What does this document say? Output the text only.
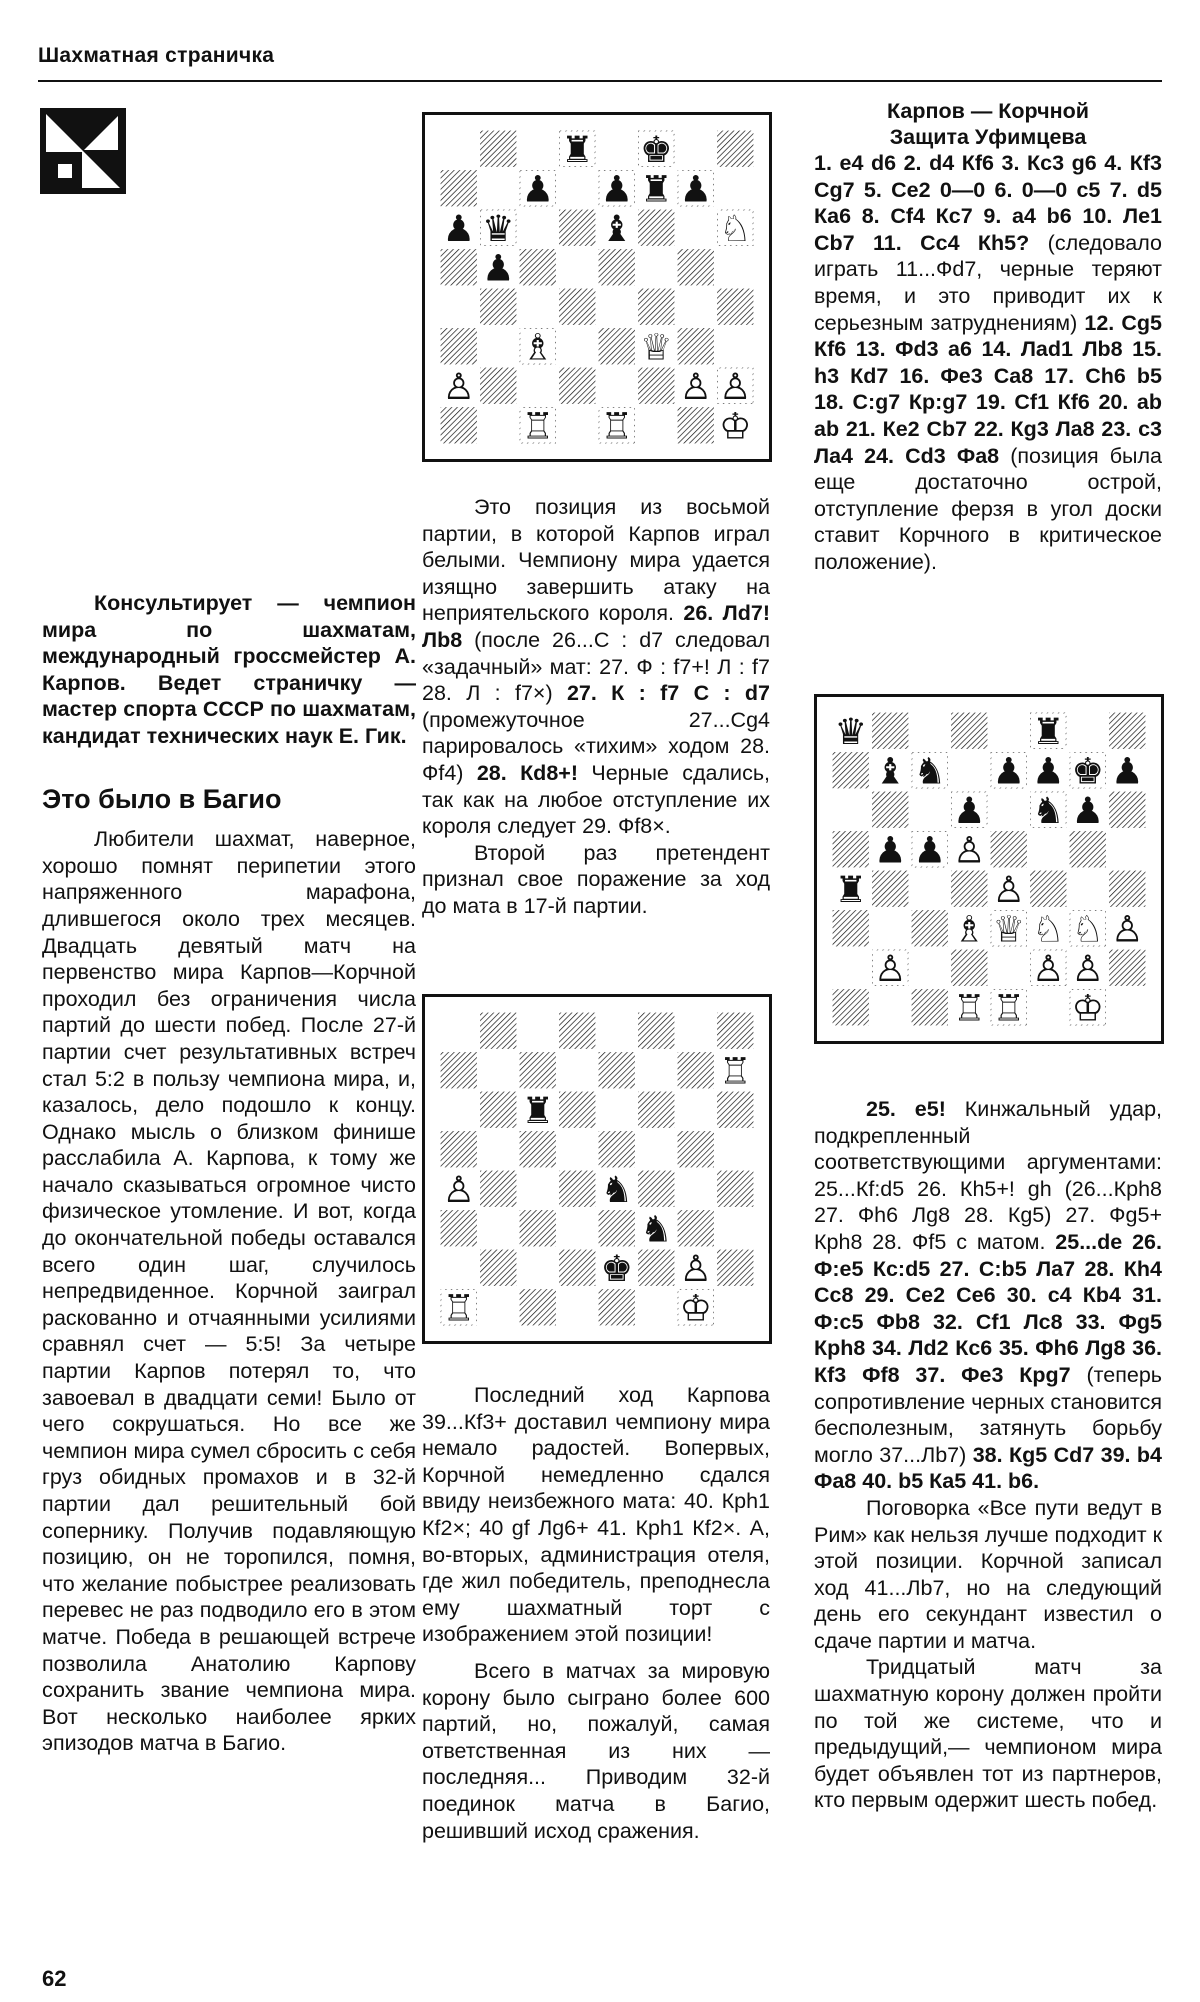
Шахматная страничка

Консультирует — чемпион мира по шахматам, международный гроссмейстер А. Карпов. Ведет страничку — мастер спорта СССР по шахматам, кандидат технических наук Е. Гик.

Это было в Багио

Любители шахмат, наверное, хорошо помнят перипетии этого напряженного марафона, длившегося около трех месяцев. Двадцать девятый матч на первенство мира Карпов—Корчной проходил без ограничения числа партий до шести побед. После 27-й партии счет результативных встреч стал 5:2 в пользу чемпиона мира, и, казалось, дело подошло к концу. Однако мысль о близком финише расслабила А. Карпова, к тому же начало сказываться огромное чисто физическое утомление. И вот, когда до окончательной победы оставался всего один шаг, случилось непредвиденное. Корчной заиграл раскованно и отчаянными усилиями сравнял счет — 5:5! За четыре партии Карпов потерял то, что завоевал в двадцати семи! Было от чего сокрушаться. Но все же чемпион мира сумел сбросить с себя груз обидных промахов и в 32-й партии дал решительный бой сопернику. Получив подавляющую позицию, он не торопился, помня, что желание побыстрее реализовать перевес не раз подводило его в этом матче. Победа в решающей встрече позволила Анатолию Карпову сохранить звание чемпиона мира. Вот несколько наиболее ярких эпизодов матча в Багио.

Это позиция из восьмой партии, в которой Карпов играл белыми. Чемпиону мира удается изящно завершить атаку на неприятельского короля. 26. Лd7! Лb8 (после 26...С : d7 следовал «задачный» мат: 27. Ф : f7+! Л : f7 28. Л : f7×) 27. К : f7 С : d7 (промежуточное 27...Сg4 парировалось «тихим» ходом 28. Фf4) 28. Кd8+! Черные сдались, так как на любое отступление их короля следует 29. Фf8×.

Второй раз претендент признал свое поражение за ход до мата в 17-й партии.

Последний ход Карпова 39...Кf3+ доставил чемпиону мира немало радостей. Вопервых, Корчной немедленно сдался ввиду неизбежного мата: 40. Крh1 Кf2×; 40 gf Лg6+ 41. Крh1 Кf2×. А, во-вторых, администрация отеля, где жил победитель, преподнесла ему шахматный торт с изображением этой позиции!

Всего в матчах за мировую корону было сыграно более 600 партий, но, пожалуй, самая ответственная из них — последняя... Приводим 32-й поединок матча в Багио, решивший исход сражения.

Карпов — Корчной
Защита Уфимцева

1. e4 d6 2. d4 Кf6 3. Кc3 g6 4. Кf3 Сg7 5. Сe2 0—0 6. 0—0 c5 7. d5 Кa6 8. Сf4 Кc7 9. a4 b6 10. Лe1 Сb7 11. Сc4 Кh5? (следовало играть 11...Фd7, черные теряют время, и это приводит их к серьезным затруднениям) 12. Сg5 Кf6 13. Фd3 a6 14. Лad1 Лb8 15. h3 Кd7 16. Фe3 Сa8 17. Сh6 b5 18. С:g7 Кр:g7 19. Сf1 Кf6 20. ab ab 21. Кe2 Сb7 22. Кg3 Лa8 23. c3 Лa4 24. Сd3 Фa8 (позиция была еще достаточно острой, отступление ферзя в угол доски ставит Корчного в критическое положение).

25. e5! Кинжальный удар, подкрепленный соответствующими аргументами: 25...Кf:d5 26. Кh5+! gh (26...Крh8 27. Фh6 Лg8 28. Кg5) 27. Фg5+ Крh8 28. Фf5 с матом. 25...de 26. Ф:e5 Кc:d5 27. С:b5 Лa7 28. Кh4 Сc8 29. Сe2 Сe6 30. c4 Кb4 31. Ф:c5 Фb8 32. Сf1 Лc8 33. Фg5 Крh8 34. Лd2 Кc6 35. Фh6 Лg8 36. Кf3 Фf8 37. Фe3 Крg7 (теперь сопротивление черных становится бесполезным, затянуть борьбу могло 37...Лb7) 38. Кg5 Сd7 39. b4 Фa8 40. b5 Кa5 41. b6.

Поговорка «Все пути ведут в Рим» как нельзя лучше подходит к этой позиции. Корчной записал ход 41...Лb7, но на следующий день его секундант известил о сдаче партии и матча.

Тридцатый матч за шахматную корону должен пройти по той же системе, что и предыдущий,— чемпионом мира будет объявлен тот из партнеров, кто первым одержит шесть побед.

62
